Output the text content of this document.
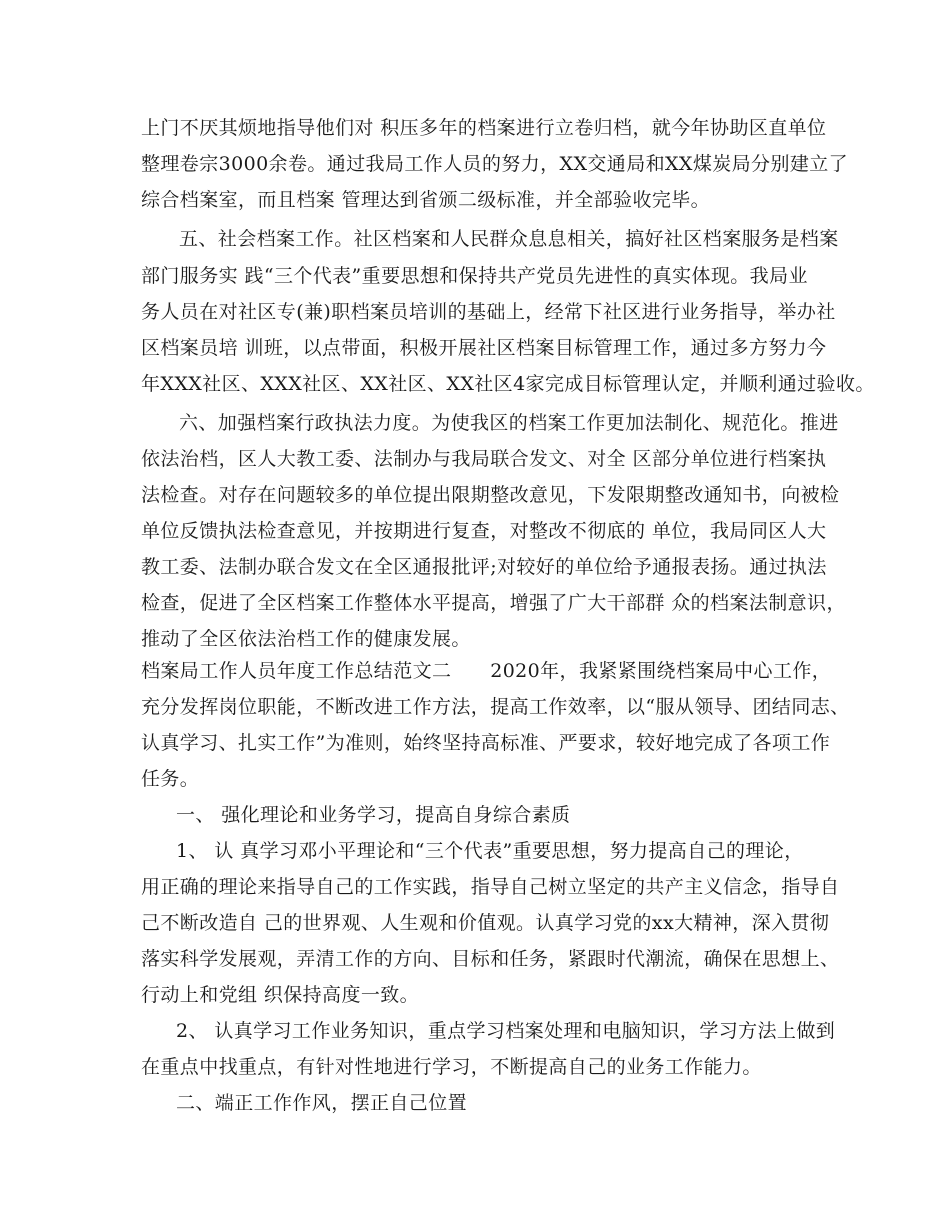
上门不厌其烦地指导他们对 积压多年的档案进行立卷归档，就今年协助区直单位
整理卷宗3000余卷。通过我局工作人员的努力，XX交通局和XX煤炭局分别建立了
综合档案室，而且档案 管理达到省颁二级标准，并全部验收完毕。
五、社会档案工作。社区档案和人民群众息息相关，搞好社区档案服务是档案
部门服务实 践“三个代表”重要思想和保持共产党员先进性的真实体现。我局业
务人员在对社区专(兼)职档案员培训的基础上，经常下社区进行业务指导，举办社
区档案员培 训班，以点带面，积极开展社区档案目标管理工作，通过多方努力今
年XXX社区、XXX社区、XX社区、XX社区4家完成目标管理认定，并顺利通过验收。
六、加强档案行政执法力度。为使我区的档案工作更加法制化、规范化。推进
依法治档，区人大教工委、法制办与我局联合发文、对全 区部分单位进行档案执
法检查。对存在问题较多的单位提出限期整改意见，下发限期整改通知书，向被检
单位反馈执法检查意见，并按期进行复查，对整改不彻底的 单位，我局同区人大
教工委、法制办联合发文在全区通报批评;对较好的单位给予通报表扬。通过执法
检查，促进了全区档案工作整体水平提高，增强了广大干部群 众的档案法制意识，
推动了全区依法治档工作的健康发展。
档案局工作人员年度工作总结范文二　　2020年，我紧紧围绕档案局中心工作，
充分发挥岗位职能，不断改进工作方法，提高工作效率，以“服从领导、团结同志、
认真学习、扎实工作”为准则，始终坚持高标准、严要求，较好地完成了各项工作
任务。
一、 强化理论和业务学习，提高自身综合素质
1、 认 真学习邓小平理论和“三个代表”重要思想，努力提高自己的理论，
用正确的理论来指导自己的工作实践，指导自己树立坚定的共产主义信念，指导自
己不断改造自 己的世界观、人生观和价值观。认真学习党的xx大精神，深入贯彻
落实科学发展观，弄清工作的方向、目标和任务，紧跟时代潮流，确保在思想上、
行动上和党组 织保持高度一致。
2、 认真学习工作业务知识，重点学习档案处理和电脑知识，学习方法上做到
在重点中找重点，有针对性地进行学习，不断提高自己的业务工作能力。
二、端正工作作风，摆正自己位置
